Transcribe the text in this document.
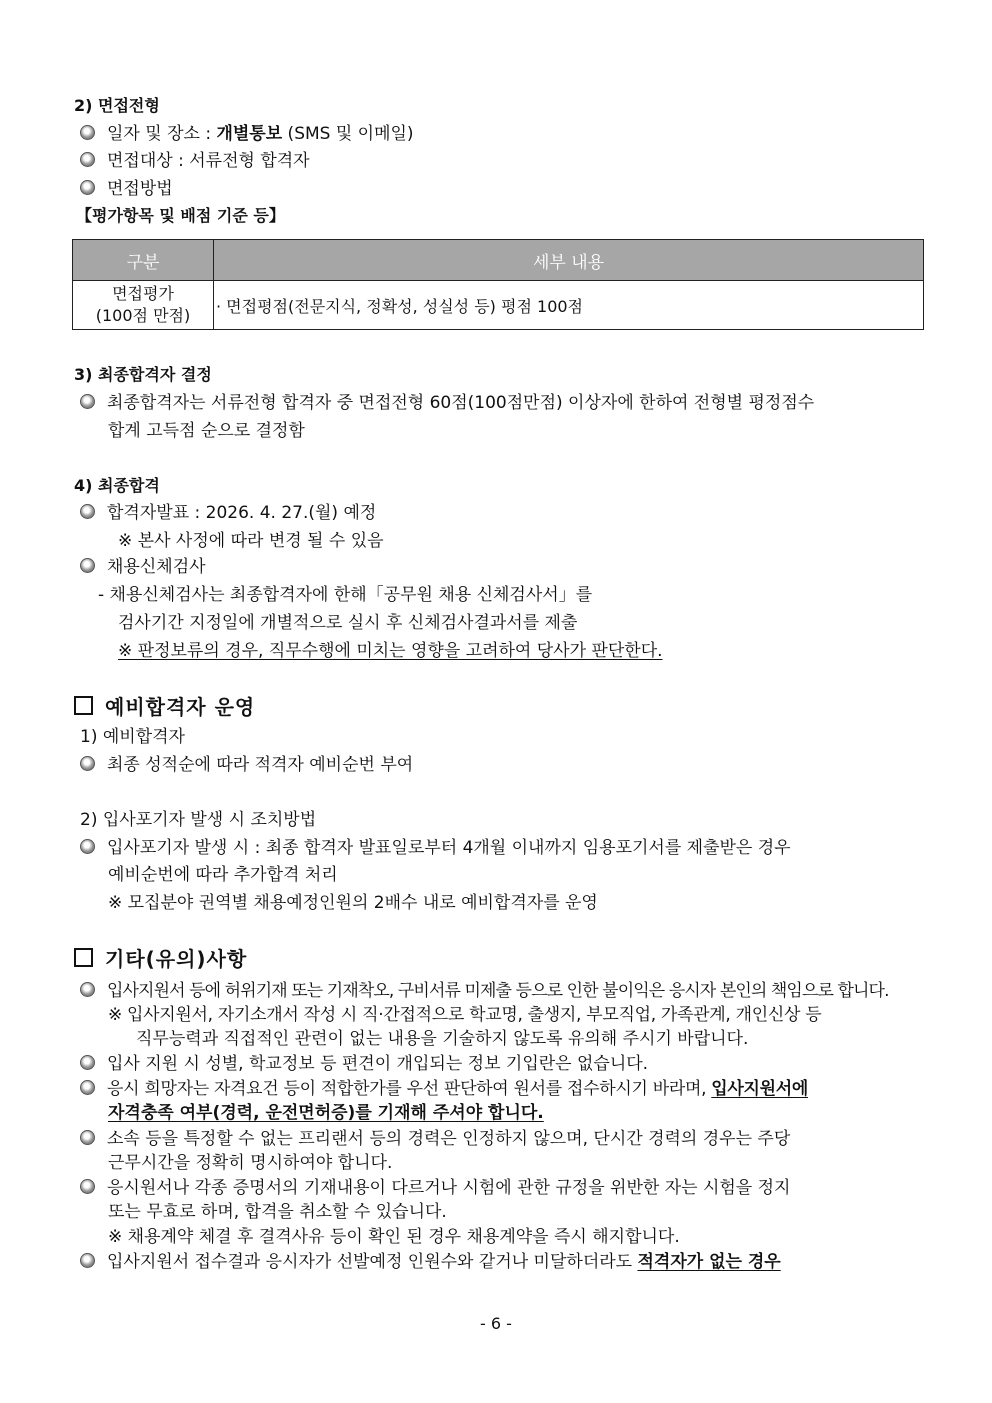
2) 면접전형
일자 및 장소 : 개별통보 (SMS 및 이메일)
면접대상 : 서류전형 합격자
면접방법
【평가항목 및 배점 기준 등】
구분	세부 내용

면접평가
(100점 만점)	· 면접평점(전문지식, 정확성, 성실성 등) 평점 100점
3) 최종합격자 결정
최종합격자는 서류전형 합격자 중 면접전형 60점(100점만점) 이상자에 한하여 전형별 평정점수
합계 고득점 순으로 결정함
4) 최종합격
합격자발표 : 2026. 4. 27.(월) 예정
※ 본사 사정에 따라 변경 될 수 있음
채용신체검사
- 채용신체검사는 최종합격자에 한해「공무원 채용 신체검사서」를
검사기간 지정일에 개별적으로 실시 후 신체검사결과서를 제출
※ 판정보류의 경우, 직무수행에 미치는 영향을 고려하여 당사가 판단한다.
예비합격자 운영
1) 예비합격자
최종 성적순에 따라 적격자 예비순번 부여
2) 입사포기자 발생 시 조치방법
입사포기자 발생 시 : 최종 합격자 발표일로부터 4개월 이내까지 임용포기서를 제출받은 경우
예비순번에 따라 추가합격 처리
※ 모집분야 권역별 채용예정인원의 2배수 내로 예비합격자를 운영
기타(유의)사항
입사지원서 등에 허위기재 또는 기재착오, 구비서류 미제출 등으로 인한 불이익은 응시자 본인의 책임으로 합니다.
※ 입사지원서, 자기소개서 작성 시 직·간접적으로 학교명, 출생지, 부모직업, 가족관계, 개인신상 등
직무능력과 직접적인 관련이 없는 내용을 기술하지 않도록 유의해 주시기 바랍니다.
입사 지원 시 성별, 학교정보 등 편견이 개입되는 정보 기입란은 없습니다.
응시 희망자는 자격요건 등이 적합한가를 우선 판단하여 원서를 접수하시기 바라며, 입사지원서에
자격충족 여부(경력, 운전면허증)를 기재해 주셔야 합니다.
소속 등을 특정할 수 없는 프리랜서 등의 경력은 인정하지 않으며, 단시간 경력의 경우는 주당
근무시간을 정확히 명시하여야 합니다.
응시원서나 각종 증명서의 기재내용이 다르거나 시험에 관한 규정을 위반한 자는 시험을 정지
또는 무효로 하며, 합격을 취소할 수 있습니다.
※ 채용계약 체결 후 결격사유 등이 확인 된 경우 채용계약을 즉시 해지합니다.
입사지원서 접수결과 응시자가 선발예정 인원수와 같거나 미달하더라도 적격자가 없는 경우
- 6 -
